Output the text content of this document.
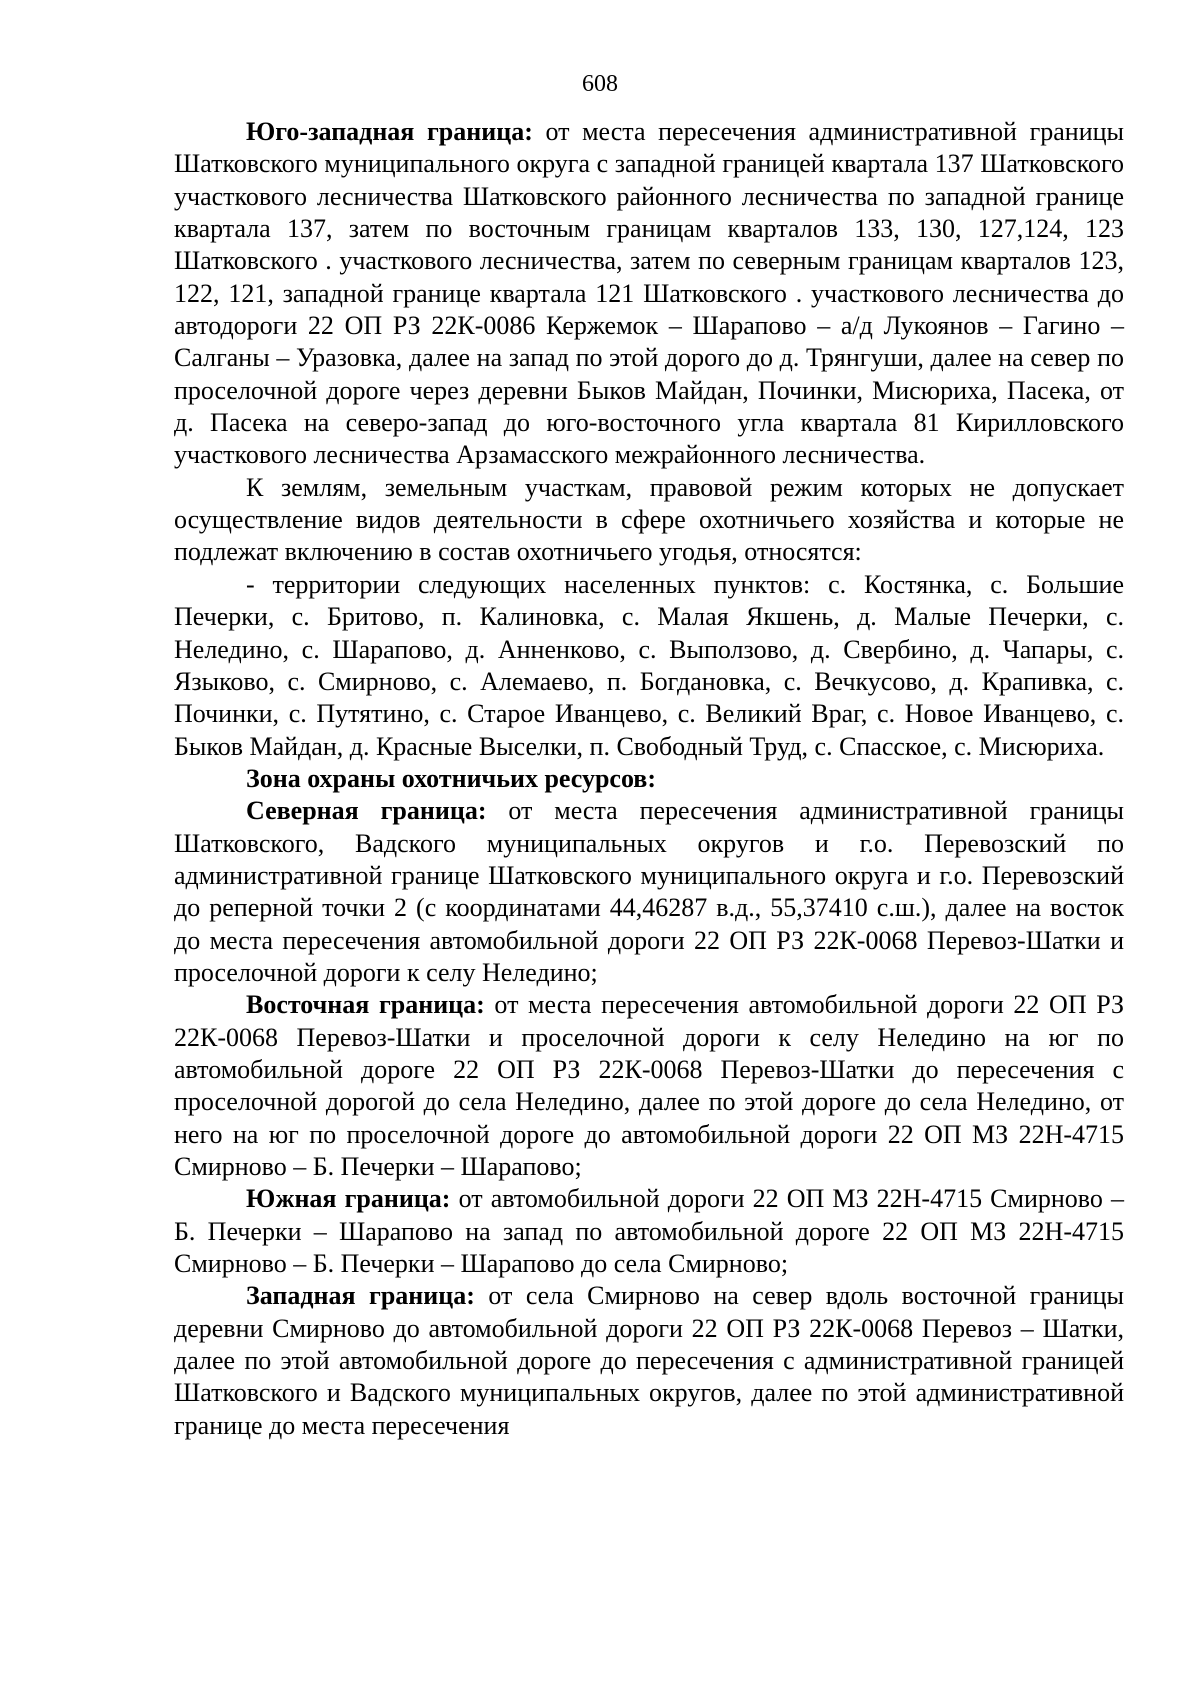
608

Юго-западная граница: от места пересечения административной границы Шатковского муниципального округа с западной границей квартала 137 Шатковского участкового лесничества Шатковского районного лесничества по западной границе квартала 137, затем по восточным границам кварталов 133, 130, 127,124, 123 Шатковского . участкового лесничества, затем по северным границам кварталов 123, 122, 121, западной границе квартала 121 Шатковского . участкового лесничества до автодороги 22 ОП РЗ 22К-0086 Кержемок – Шарапово – а/д Лукоянов – Гагино – Салганы – Уразовка, далее на запад по этой дорого до д. Трянгуши, далее на север по проселочной дороге через деревни Быков Майдан, Починки, Мисюриха, Пасека, от д. Пасека на северо-запад до юго-восточного угла квартала 81 Кирилловского участкового лесничества Арзамасского межрайонного лесничества.

К землям, земельным участкам, правовой режим которых не допускает осуществление видов деятельности в сфере охотничьего хозяйства и которые не подлежат включению в состав охотничьего угодья, относятся:

- территории следующих населенных пунктов: с. Костянка, с. Большие Печерки, с. Бритово, п. Калиновка, с. Малая Якшень, д. Малые Печерки, с. Неледино, с. Шарапово, д. Анненково, с. Выползово, д. Свербино, д. Чапары, с. Языково, с. Смирново, с. Алемаево, п. Богдановка, с. Вечкусово, д. Крапивка, с. Починки, с. Путятино, с. Старое Иванцево, с. Великий Враг, с. Новое Иванцево, с. Быков Майдан, д. Красные Выселки, п. Свободный Труд, с. Спасское, с. Мисюриха.

Зона охраны охотничьих ресурсов:

Северная граница: от места пересечения административной границы Шатковского, Вадского муниципальных округов и г.о. Перевозский по административной границе Шатковского муниципального округа и г.о. Перевозский до реперной точки 2 (с координатами 44,46287 в.д., 55,37410 с.ш.), далее на восток до места пересечения автомобильной дороги 22 ОП РЗ 22К-0068 Перевоз-Шатки и проселочной дороги к селу Неледино;

Восточная граница: от места пересечения автомобильной дороги 22 ОП РЗ 22К-0068 Перевоз-Шатки и проселочной дороги к селу Неледино на юг по автомобильной дороге 22 ОП РЗ 22К-0068 Перевоз-Шатки до пересечения с проселочной дорогой до села Неледино, далее по этой дороге до села Неледино, от него на юг по проселочной дороге до автомобильной дороги 22 ОП МЗ 22Н-4715 Смирново – Б. Печерки – Шарапово;

Южная граница: от автомобильной дороги 22 ОП МЗ 22Н-4715 Смирново – Б. Печерки – Шарапово на запад по автомобильной дороге 22 ОП МЗ 22Н-4715 Смирново – Б. Печерки – Шарапово до села Смирново;

Западная граница: от села Смирново на север вдоль восточной границы деревни Смирново до автомобильной дороги 22 ОП РЗ 22К-0068 Перевоз – Шатки, далее по этой автомобильной дороге до пересечения с административной границей Шатковского и Вадского муниципальных округов, далее по этой административной границе до места пересечения
